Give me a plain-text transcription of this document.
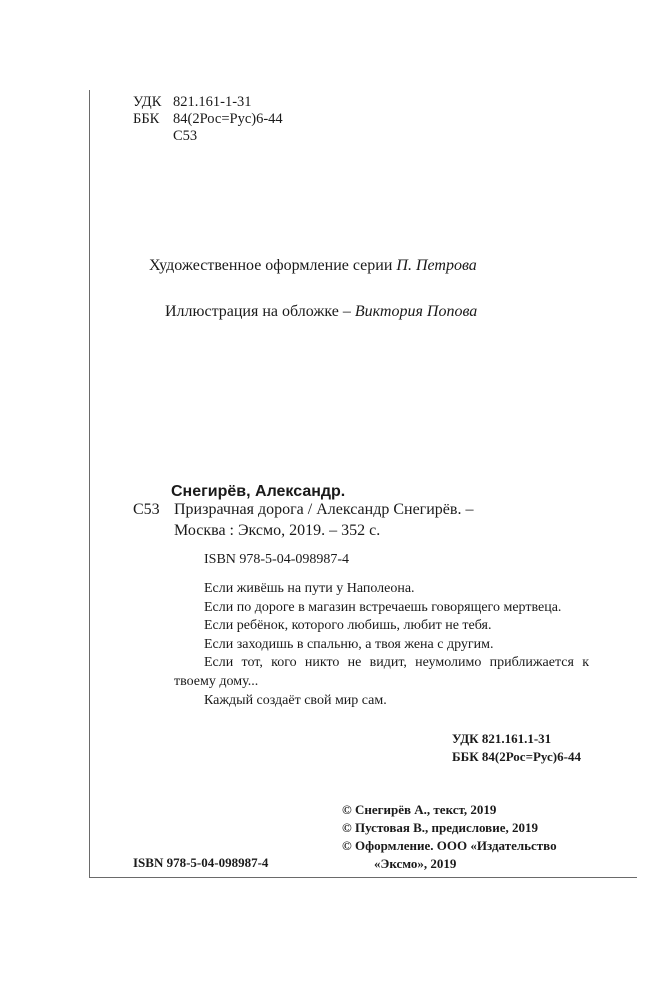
УДК 821.161-1-31
ББК 84(2Рос=Рус)6-44
С53
Художественное оформление серии П. Петрова
Иллюстрация на обложке – Виктория Попова
Снегирёв, Александр.
С53 Призрачная дорога / Александр Снегирёв. –
Москва : Эксмо, 2019. – 352 с.
ISBN 978-5-04-098987-4

Если живёшь на пути у Наполеона.

Если по дороге в магазин встречаешь говорящего мертвеца.

Если ребёнок, которого любишь, любит не тебя.

Если заходишь в спальню, а твоя жена с другим.

Если тот, кого никто не видит, неумолимо приближается к твоему дому...

Каждый создаёт свой мир сам.

УДК 821.161.1-31
ББК 84(2Рос=Рус)6-44
© Снегирёв А., текст, 2019
© Пустовая В., предисловие, 2019
© Оформление. ООО «Издательство
«Эксмо», 2019
ISBN 978-5-04-098987-4
